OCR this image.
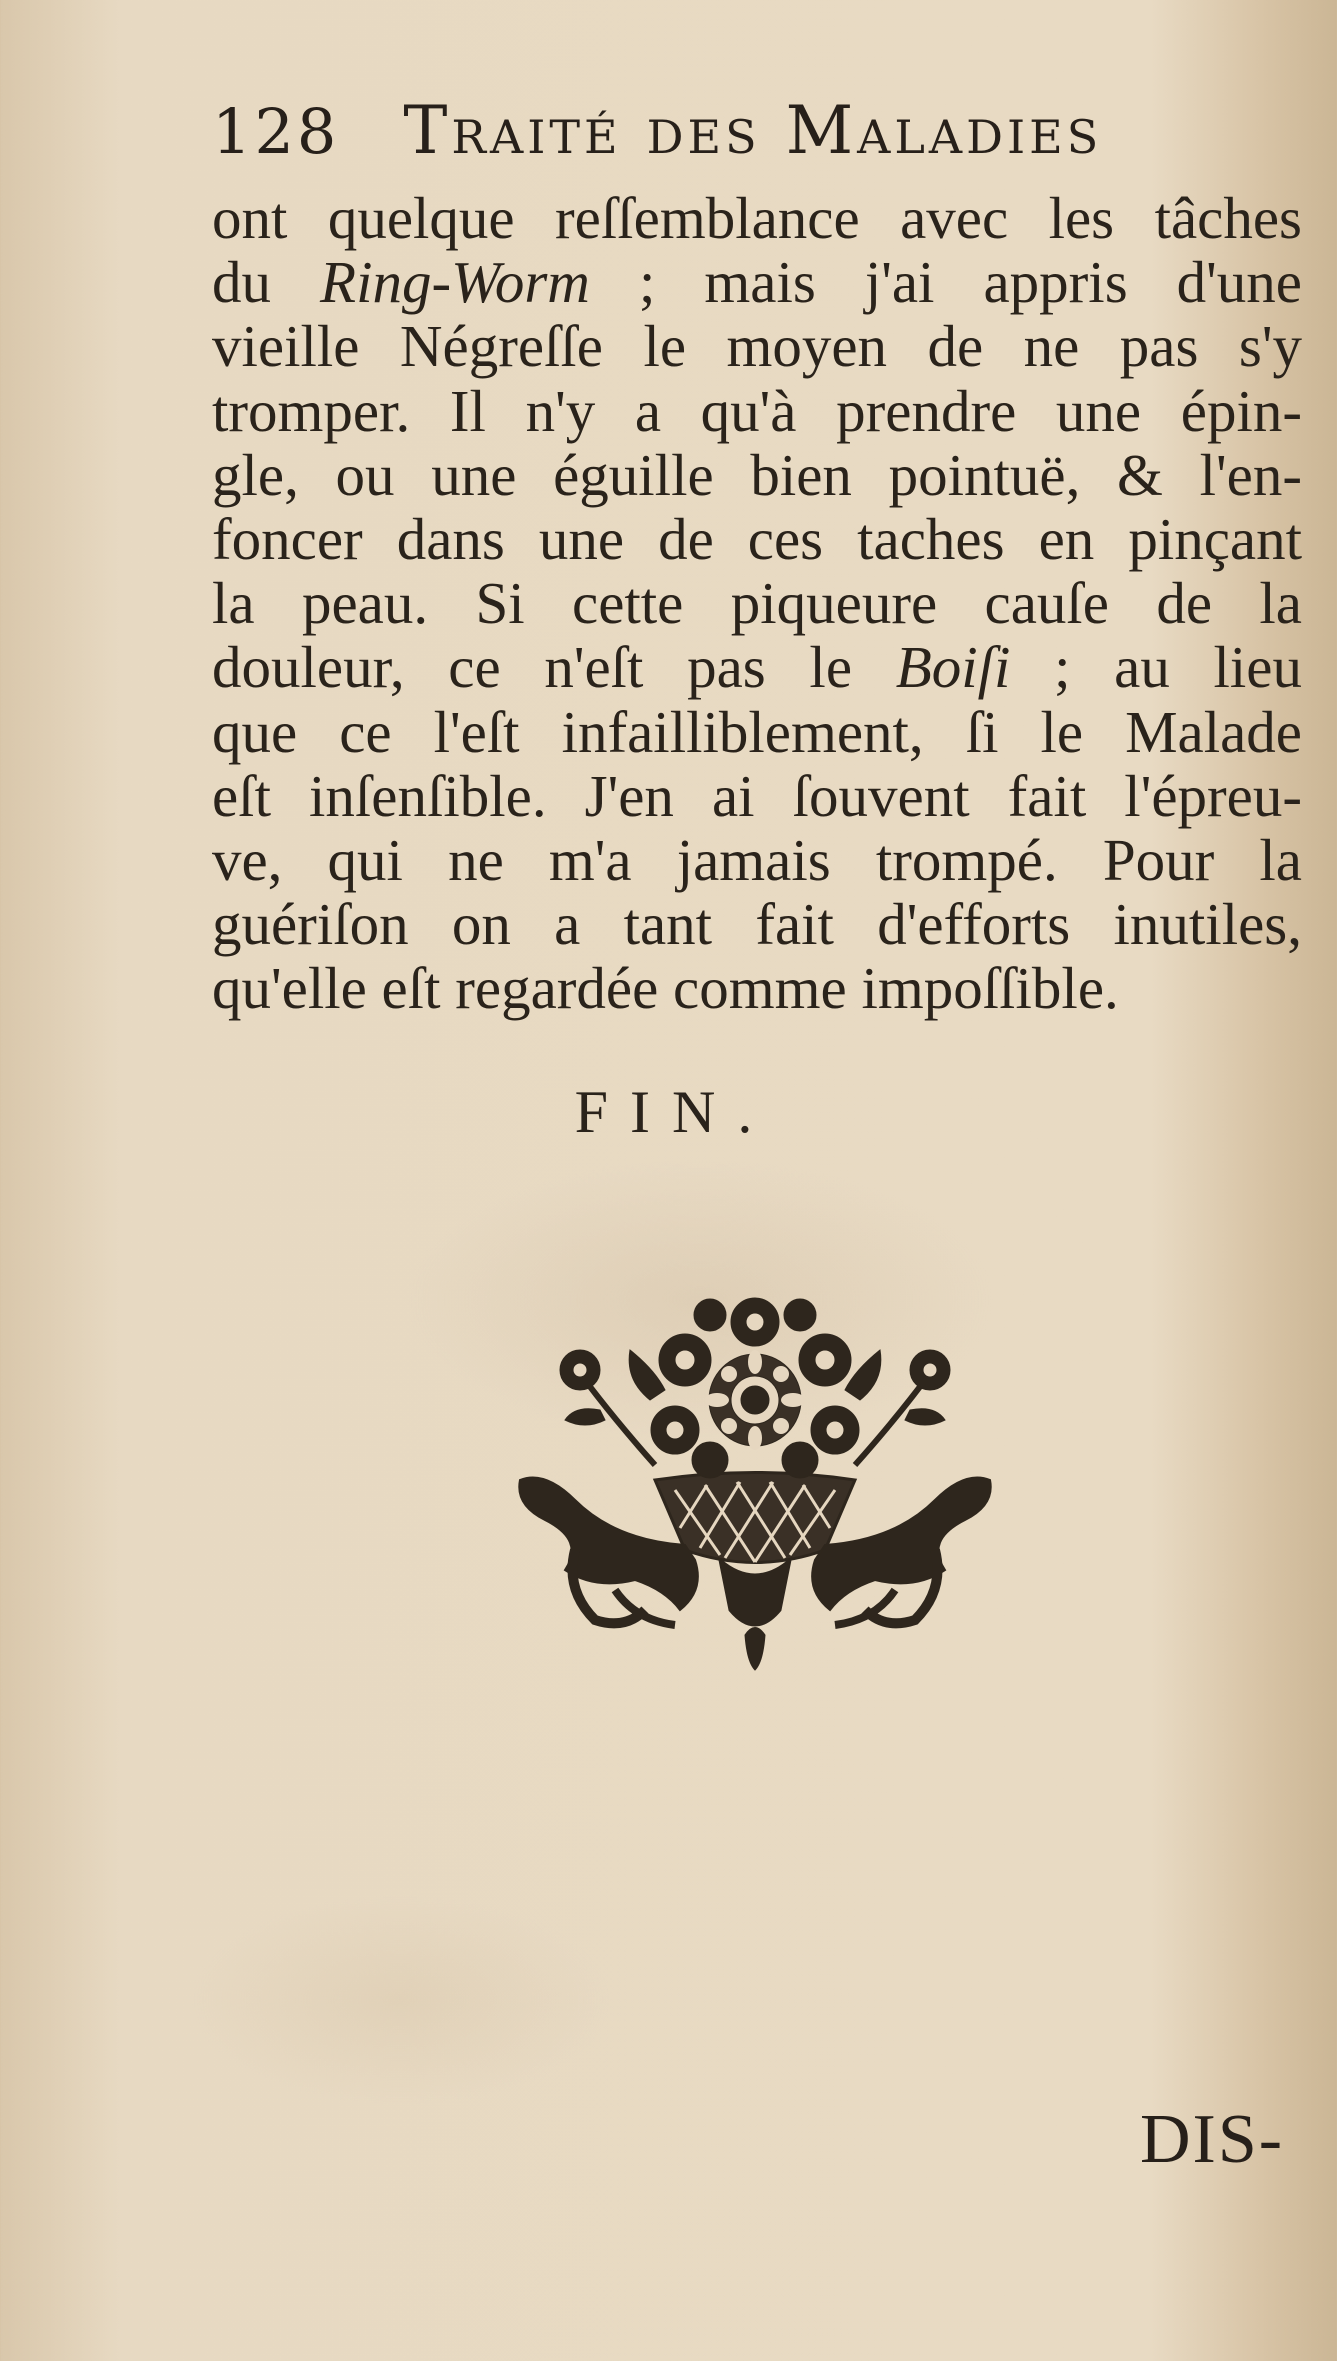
128 Traité des Maladies
ont quelque reſſemblance avec les tâches
du Ring-Worm ; mais j'ai appris d'une
vieille Négreſſe le moyen de ne pas s'y
tromper. Il n'y a qu'à prendre une épin-
gle, ou une éguille bien pointuë, & l'en-
foncer dans une de ces taches en pinçant
la peau. Si cette piqueure cauſe de la
douleur, ce n'eſt pas le Boiſi ; au lieu
que ce l'eſt infailliblement, ſi le Malade
eſt inſenſible. J'en ai ſouvent fait l'épreu-
ve, qui ne m'a jamais trompé. Pour la
guériſon on a tant fait d'efforts inutiles,
qu'elle eſt regardée comme impoſſible.
FIN.
DIS-
